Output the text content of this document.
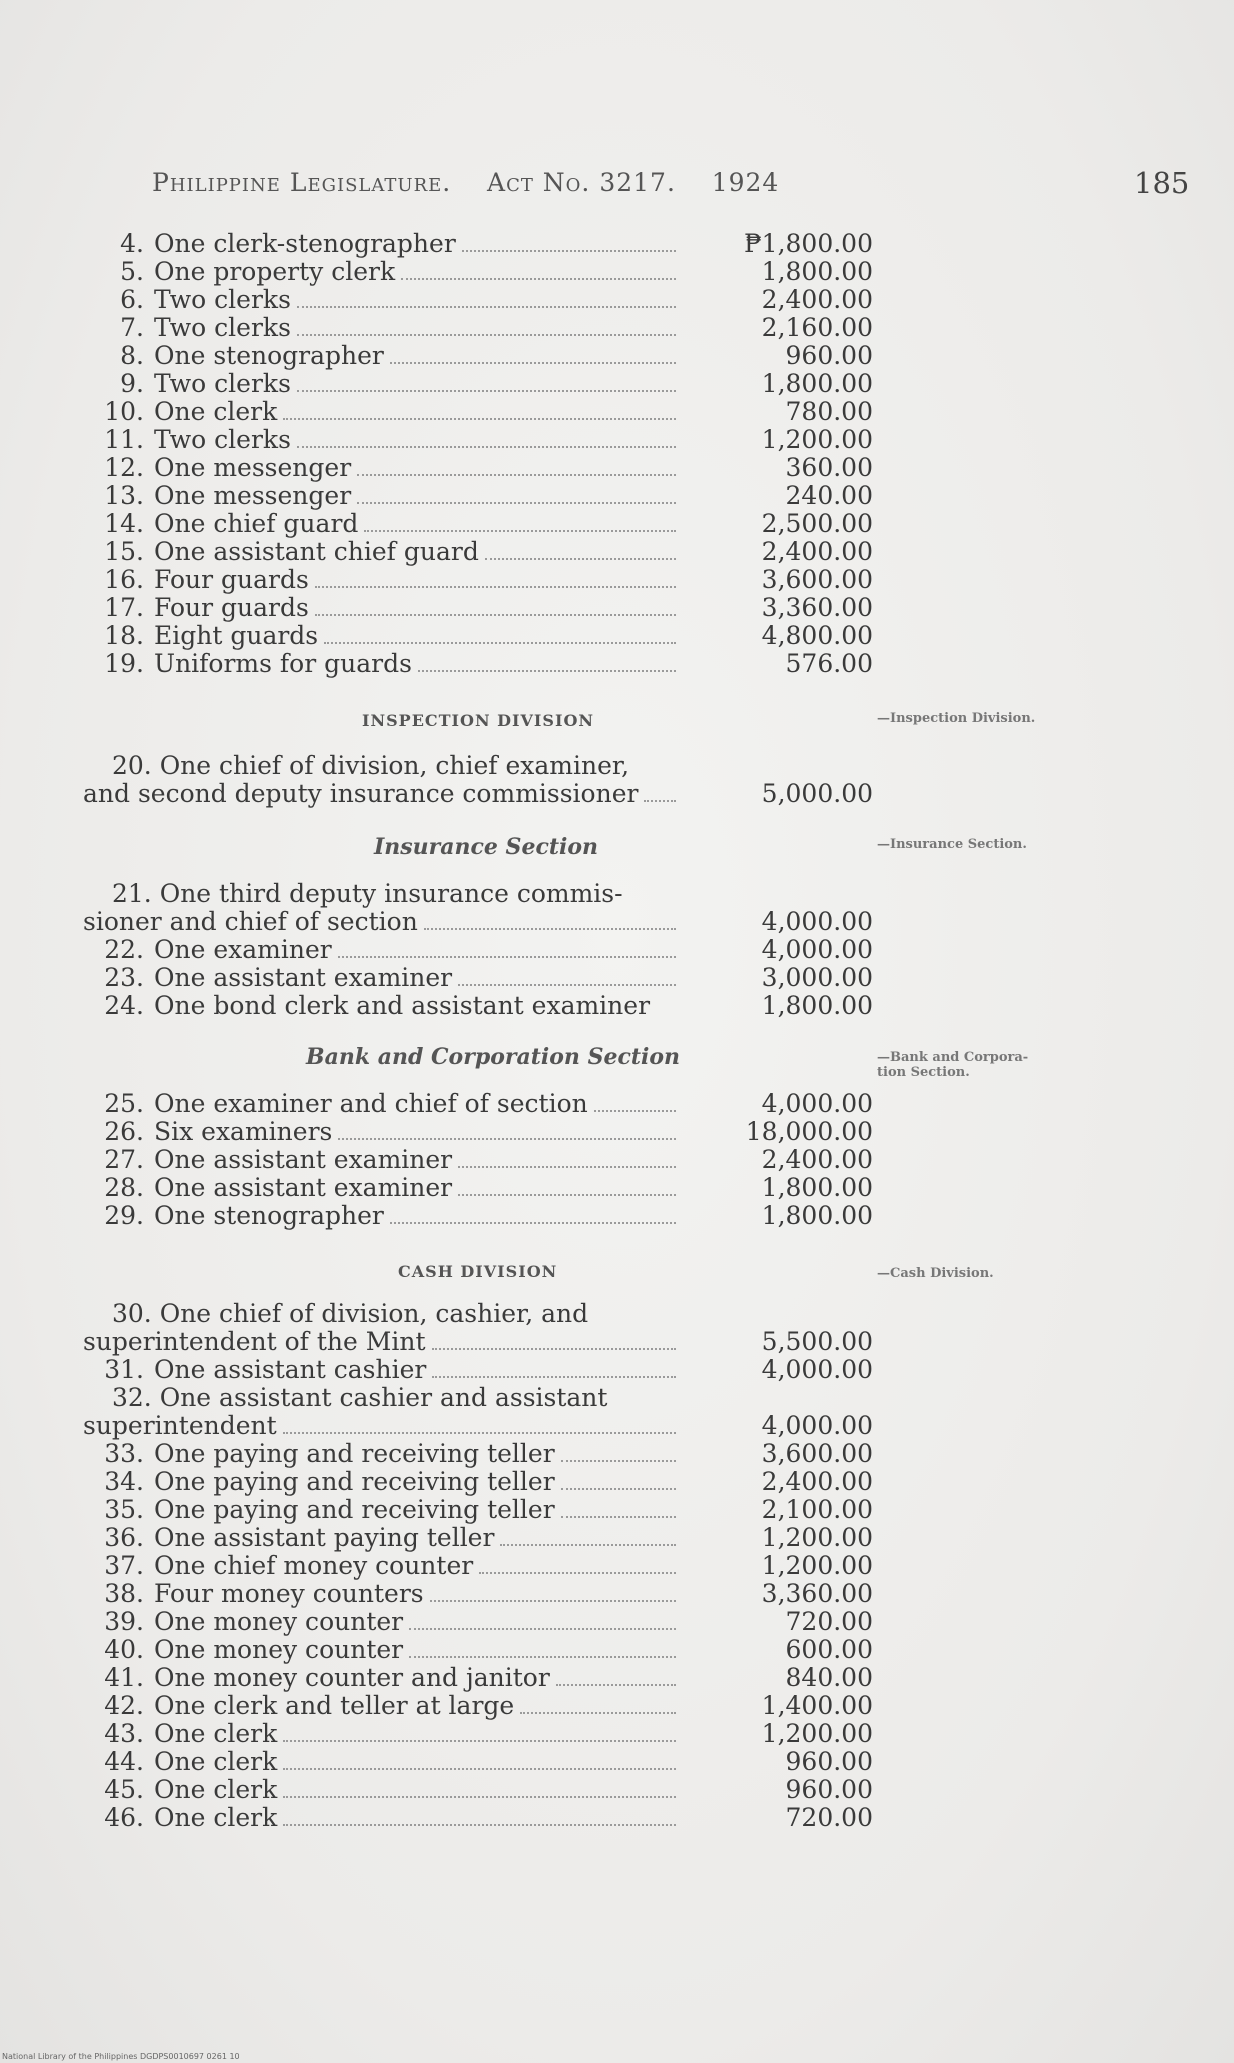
Philippine Legislature. Act No. 3217. 1924	185
4. One clerk-stenographer	₱1,800.00
5. One property clerk	1,800.00
6. Two clerks	2,400.00
7. Two clerks	2,160.00
8. One stenographer	960.00
9. Two clerks	1,800.00
10. One clerk	780.00
11. Two clerks	1,200.00
12. One messenger	360.00
13. One messenger	240.00
14. One chief guard	2,500.00
15. One assistant chief guard	2,400.00
16. Four guards	3,600.00
17. Four guards	3,360.00
18. Eight guards	4,800.00
19. Uniforms for guards	576.00
INSPECTION DIVISION	—Inspection Division.
20. One chief of division, chief examiner,
and second deputy insurance commissioner	5,000.00
Insurance Section	—Insurance Section.
21. One third deputy insurance commis-
sioner and chief of section	4,000.00
22. One examiner	4,000.00
23. One assistant examiner	3,000.00
24. One bond clerk and assistant examiner	1,800.00
Bank and Corporation Section	—Bank and Corpora-
tion Section.
25. One examiner and chief of section	4,000.00
26. Six examiners	18,000.00
27. One assistant examiner	2,400.00
28. One assistant examiner	1,800.00
29. One stenographer	1,800.00
CASH DIVISION	—Cash Division.
30. One chief of division, cashier, and
superintendent of the Mint	5,500.00
31. One assistant cashier	4,000.00
32. One assistant cashier and assistant
superintendent	4,000.00
33. One paying and receiving teller	3,600.00
34. One paying and receiving teller	2,400.00
35. One paying and receiving teller	2,100.00
36. One assistant paying teller	1,200.00
37. One chief money counter	1,200.00
38. Four money counters	3,360.00
39. One money counter	720.00
40. One money counter	600.00
41. One money counter and janitor	840.00
42. One clerk and teller at large	1,400.00
43. One clerk	1,200.00
44. One clerk	960.00
45. One clerk	960.00
46. One clerk	720.00
National Library of the Philippines DGDPS0010697 0261 10
